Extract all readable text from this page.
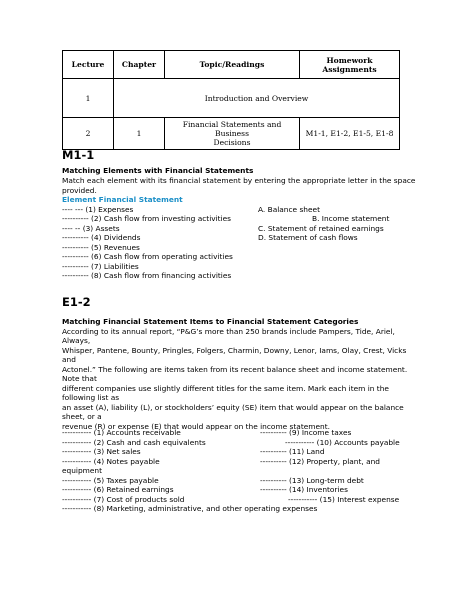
Lecture	Chapter	Topic/Readings	Homework Assignments
1	Introduction and Overview		
2	1	Financial Statements and Business
Decisions	M1-1, E1-2, E1-5, E1-8
M1-1
Matching Elements with Financial Statements
Match each element with its financial statement by entering the appropriate letter in the space
provided.
Element Financial Statement
---- --- (1) Expenses
---------- (2) Cash flow from investing activities
---- -- (3) Assets
---------- (4) Dividends
---------- (5) Revenues
---------- (6) Cash flow from operating activities
---------- (7) Liabilities
---------- (8) Cash flow from financing activities
A. Balance sheet
B. Income statement
C. Statement of retained earnings
D. Statement of cash flows
E1-2
Matching Financial Statement Items to Financial Statement Categories
According to its annual report, “P&G’s more than 250 brands include Pampers, Tide, Ariel,
Always,
Whisper, Pantene, Bounty, Pringles, Folgers, Charmin, Downy, Lenor, Iams, Olay, Crest, Vicks
and
Actonel.” The following are items taken from its recent balance sheet and income statement.
Note that
different companies use slightly different titles for the same item. Mark each item in the
following list as
an asset (A), liability (L), or stockholders’ equity (SE) item that would appear on the balance
sheet, or a
revenue (R) or expense (E) that would appear on the income statement.
----------- (1) Accounts receivable
----------- (2) Cash and cash equivalents
----------- (3) Net sales
----------- (4) Notes payable
equipment
----------- (5) Taxes payable
----------- (6) Retained earnings
----------- (7) Cost of products sold
----------- (8) Marketing, administrative, and other operating expenses
---------- (9) Income taxes
----------- (10) Accounts payable
---------- (11) Land
---------- (12) Property, plant, and
---------- (13) Long-term debt
---------- (14) Inventories
----------- (15) Interest expense
